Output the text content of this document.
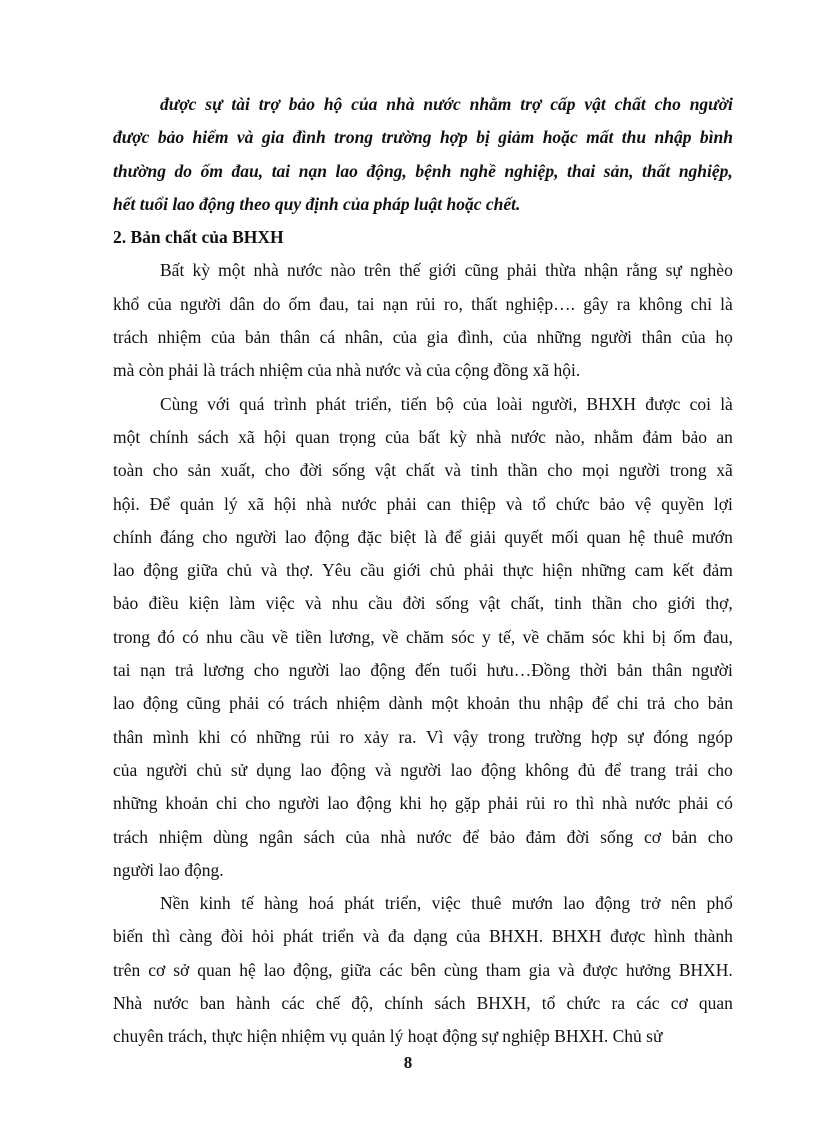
được sự tài trợ bảo hộ của nhà nước nhằm trợ cấp vật chất cho người
được bảo hiểm và gia đình trong trường hợp bị giảm hoặc mất thu nhập bình
thường do ốm đau, tai nạn lao động, bệnh nghề nghiệp, thai sản, thất nghiệp,
hết tuổi lao động theo quy định của pháp luật hoặc chết.
2. Bản chất của BHXH
Bất kỳ một nhà nước nào trên thế giới cũng phải thừa nhận rằng sự nghèo
khổ của người dân do ốm đau, tai nạn rủi ro, thất nghiệp…. gây ra không chỉ là
trách nhiệm của bản thân cá nhân, của gia đình, của những người thân của họ
mà còn phải là trách nhiệm của nhà nước và của cộng đồng xã hội.
Cùng với quá trình phát triển, tiến bộ của loài người, BHXH được coi là
một chính sách xã hội quan trọng của bất kỳ nhà nước nào, nhằm đảm bảo an
toàn cho sản xuất, cho đời sống vật chất và tinh thần cho mọi người trong xã
hội. Để quản lý xã hội nhà nước phải can thiệp và tổ chức bảo vệ quyền lợi
chính đáng cho người lao động đặc biệt là để giải quyết mối quan hệ thuê mướn
lao động giữa chủ và thợ. Yêu cầu giới chủ phải thực hiện những cam kết đảm
bảo điều kiện làm việc và nhu cầu đời sống vật chất, tinh thần cho giới thợ,
trong đó có nhu cầu về tiền lương, về chăm sóc y tế, về chăm sóc khi bị ốm đau,
tai nạn trả lương cho người lao động đến tuổi hưu…Đồng thời bản thân người
lao động cũng phải có trách nhiệm dành một khoản thu nhập để chi trả cho bản
thân mình khi có những rủi ro xảy ra. Vì vậy trong trường hợp sự đóng ngóp
của người chủ sử dụng lao động và người lao động không đủ để trang trải cho
những khoản chi cho người lao động khi họ gặp phải rủi ro thì nhà nước phải có
trách nhiệm dùng ngân sách của nhà nước để bảo đảm đời sống cơ bản cho
người lao động.
Nền kinh tế hàng hoá phát triển, việc thuê mướn lao động trở nên phổ
biến thì càng đòi hỏi phát triển và đa dạng của BHXH. BHXH được hình thành
trên cơ sở quan hệ lao động, giữa các bên cùng tham gia và được hưởng BHXH.
Nhà nước ban hành các chế độ, chính sách BHXH, tổ chức ra các cơ quan
chuyên trách, thực hiện nhiệm vụ quản lý hoạt động sự nghiệp BHXH. Chủ sử
8
